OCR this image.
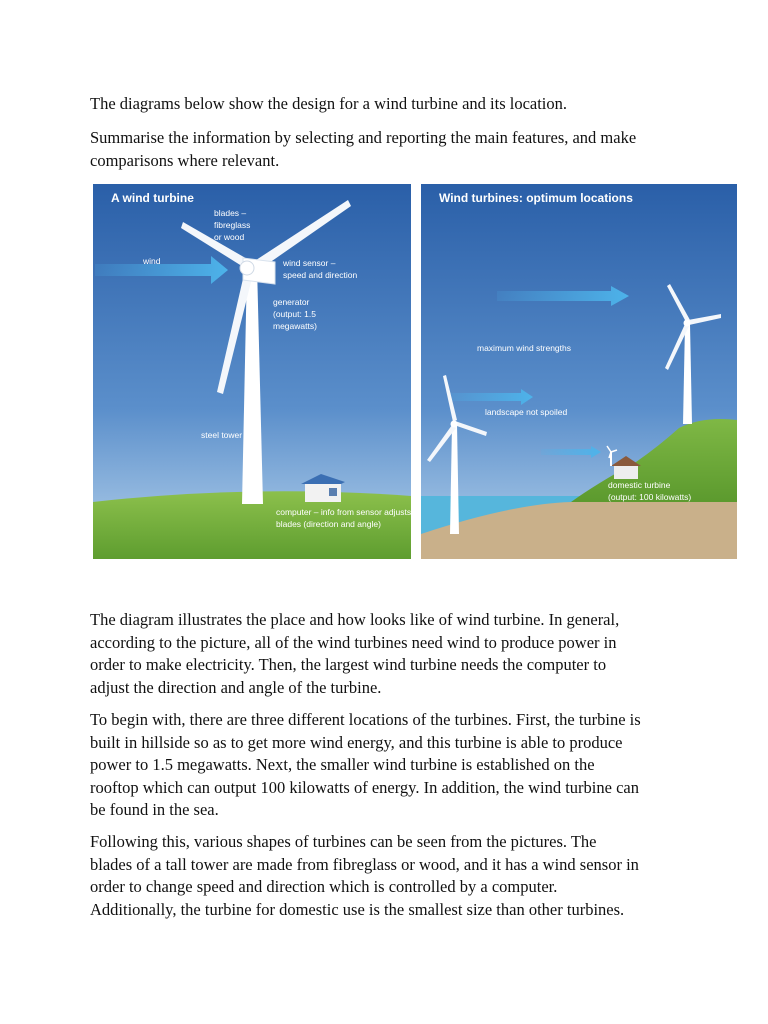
The diagrams below show the design for a wind turbine and its location.

Summarise the information by selecting and reporting the main features, and make
comparisons where relevant.

A wind turbine
blades –
fibreglass
or wood
wind	wind sensor –
speed and direction
generator
(output: 1.5
megawatts)
steel tower
computer – info from sensor adjusts
blades (direction and angle)
Wind turbines: optimum locations
maximum wind strengths
landscape not spoiled
domestic turbine
(output: 100 kilowatts)

The diagram illustrates the place and how looks like of wind turbine. In general,
according to the picture, all of the wind turbines need wind to produce power in
order to make electricity. Then, the largest wind turbine needs the computer to
adjust the direction and angle of the turbine.

To begin with, there are three different locations of the turbines. First, the turbine is
built in hillside so as to get more wind energy, and this turbine is able to produce
power to 1.5 megawatts. Next, the smaller wind turbine is established on the
rooftop which can output 100 kilowatts of energy. In addition, the wind turbine can
be found in the sea.

Following this, various shapes of turbines can be seen from the pictures. The
blades of a tall tower are made from fibreglass or wood, and it has a wind sensor in
order to change speed and direction which is controlled by a computer.
Additionally, the turbine for domestic use is the smallest size than other turbines.
